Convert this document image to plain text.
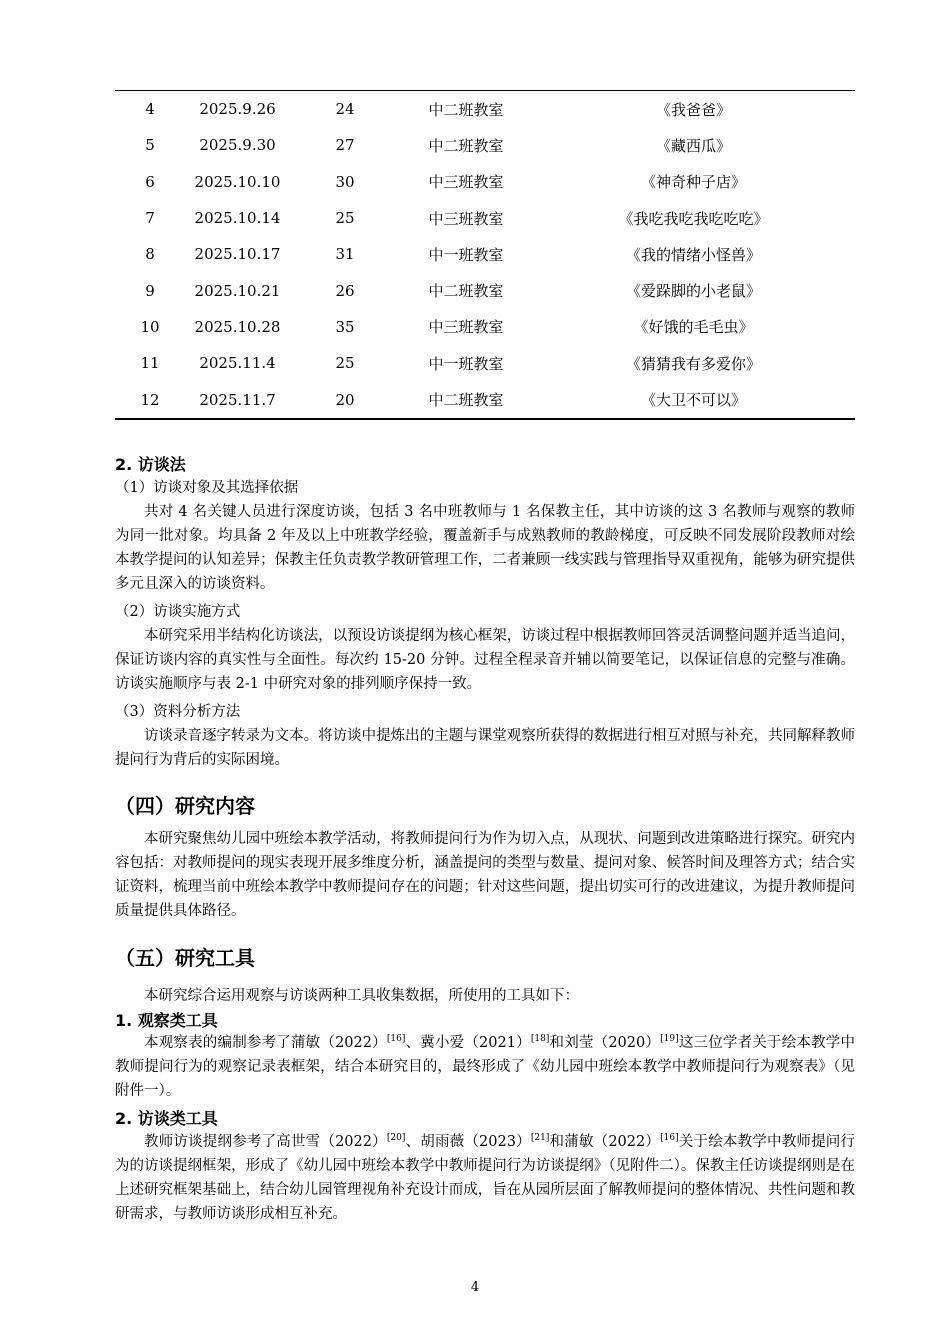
4	2025.9.26	24	中二班教室	《我爸爸》
5	2025.9.30	27	中二班教室	《藏西瓜》
6	2025.10.10	30	中三班教室	《神奇种子店》
7	2025.10.14	25	中三班教室	《我吃我吃我吃吃吃》
8	2025.10.17	31	中一班教室	《我的情绪小怪兽》
9	2025.10.21	26	中二班教室	《爱跺脚的小老鼠》
10	2025.10.28	35	中三班教室	《好饿的毛毛虫》
11	2025.11.4	25	中一班教室	《猜猜我有多爱你》
12	2025.11.7	20	中二班教室	《大卫不可以》
2. 访谈法
（1）访谈对象及其选择依据

共对 4 名关键人员进行深度访谈，包括 3 名中班教师与 1 名保教主任，其中访谈的这 3 名教师与观察的教师为同一批对象。均具备 2 年及以上中班教学经验，覆盖新手与成熟教师的教龄梯度，可反映不同发展阶段教师对绘本教学提问的认知差异；保教主任负责教学教研管理工作，二者兼顾一线实践与管理指导双重视角，能够为研究提供多元且深入的访谈资料。

（2）访谈实施方式

本研究采用半结构化访谈法，以预设访谈提纲为核心框架，访谈过程中根据教师回答灵活调整问题并适当追问，保证访谈内容的真实性与全面性。每次约 15-20 分钟。过程全程录音并辅以简要笔记，以保证信息的完整与准确。访谈实施顺序与表 2-1 中研究对象的排列顺序保持一致。

（3）资料分析方法

访谈录音逐字转录为文本。将访谈中提炼出的主题与课堂观察所获得的数据进行相互对照与补充，共同解释教师提问行为背后的实际困境。

（四）研究内容

本研究聚焦幼儿园中班绘本教学活动，将教师提问行为作为切入点，从现状、问题到改进策略进行探究。研究内容包括：对教师提问的现实表现开展多维度分析，涵盖提问的类型与数量、提问对象、候答时间及理答方式；结合实证资料，梳理当前中班绘本教学中教师提问存在的问题；针对这些问题，提出切实可行的改进建议，为提升教师提问质量提供具体路径。

（五）研究工具

本研究综合运用观察与访谈两种工具收集数据，所使用的工具如下：

1. 观察类工具

本观察表的编制参考了蒲敏（2022）[16]、冀小爱（2021）[18]和刘莹（2020）[19]这三位学者关于绘本教学中教师提问行为的观察记录表框架，结合本研究目的，最终形成了《幼儿园中班绘本教学中教师提问行为观察表》（见附件一）。

2. 访谈类工具

教师访谈提纲参考了高世雪（2022）[20]、胡雨薇（2023）[21]和蒲敏（2022）[16]关于绘本教学中教师提问行为的访谈提纲框架，形成了《幼儿园中班绘本教学中教师提问行为访谈提纲》（见附件二）。保教主任访谈提纲则是在上述研究框架基础上，结合幼儿园管理视角补充设计而成，旨在从园所层面了解教师提问的整体情况、共性问题和教研需求，与教师访谈形成相互补充。

4
